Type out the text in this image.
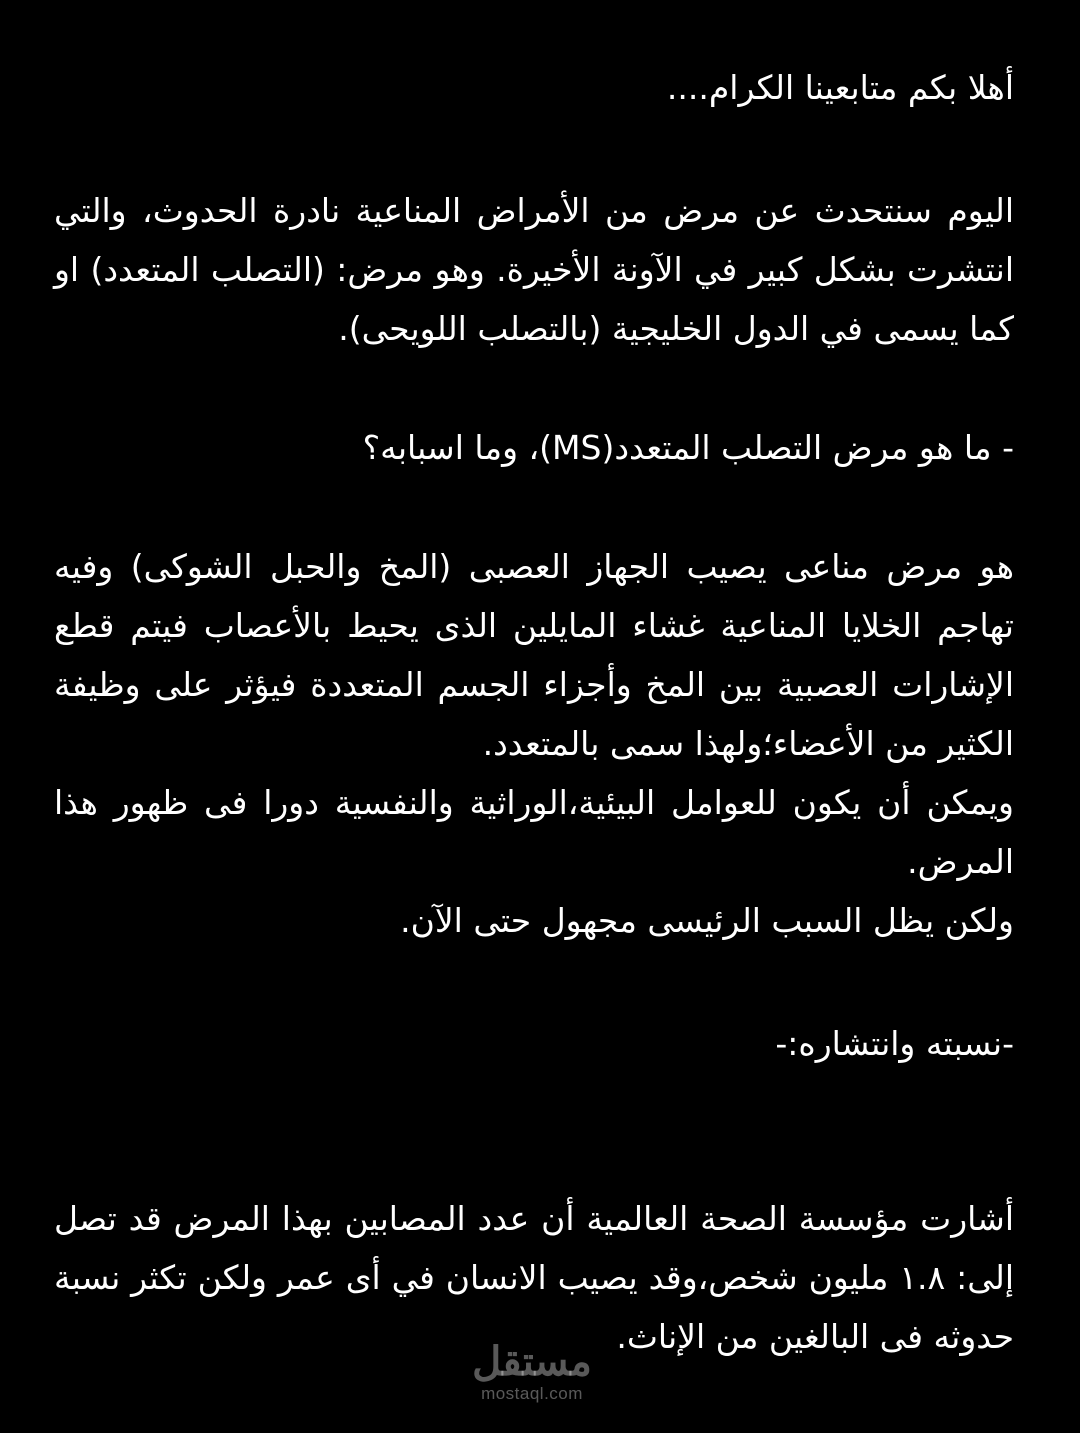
أهلا بكم متابعينا الكرام....

اليوم سنتحدث عن مرض من الأمراض المناعية نادرة الحدوث، والتي انتشرت بشكل كبير في الآونة الأخيرة. وهو مرض: (التصلب المتعدد) او كما يسمى في الدول الخليجية (بالتصلب اللويحى).

- ما هو مرض التصلب المتعدد(MS)، وما اسبابه؟

هو مرض مناعى يصيب الجهاز العصبى (المخ والحبل الشوكى) وفيه تهاجم الخلايا المناعية غشاء المايلين الذى يحيط بالأعصاب فيتم قطع الإشارات العصبية بين المخ وأجزاء الجسم المتعددة فيؤثر على وظيفة الكثير من الأعضاء؛ولهذا سمى بالمتعدد.

ويمكن أن يكون للعوامل البيئية،الوراثية والنفسية دورا فى ظهور هذا المرض.

ولكن يظل السبب الرئيسى مجهول حتى الآن.

-نسبته وانتشاره:-

أشارت مؤسسة الصحة العالمية أن عدد المصابين بهذا المرض قد تصل إلى: ١.٨ مليون شخص،وقد يصيب الانسان في أى عمر ولكن تكثر نسبة حدوثه فى البالغين من الإناث.

مستقل
mostaql.com
